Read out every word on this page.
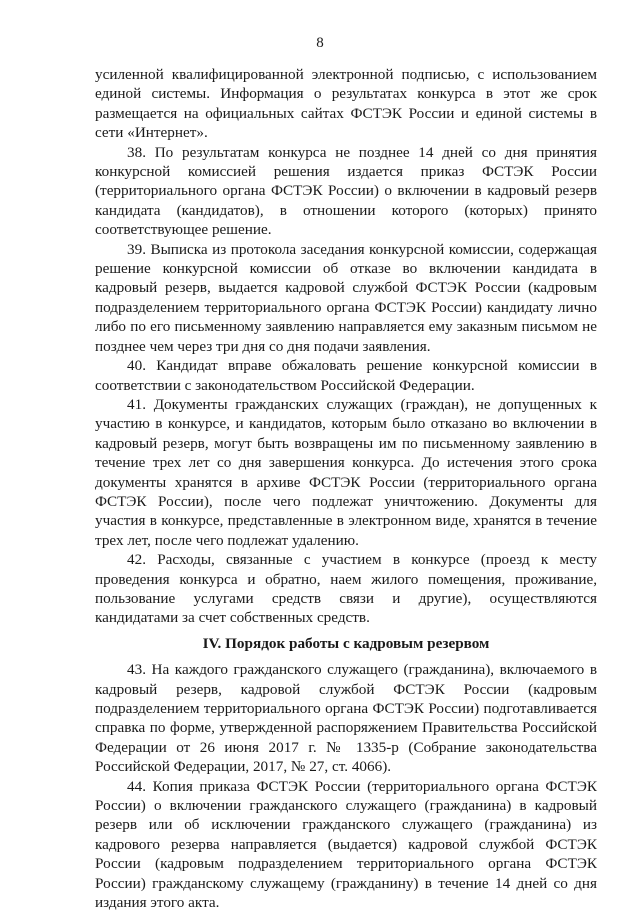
8

усиленной квалифицированной электронной подписью, с использованием единой системы. Информация о результатах конкурса в этот же срок размещается на официальных сайтах ФСТЭК России и единой системы в сети «Интернет».

38. По результатам конкурса не позднее 14 дней со дня принятия конкурсной комиссией решения издается приказ ФСТЭК России (территориального органа ФСТЭК России) о включении в кадровый резерв кандидата (кандидатов), в отношении которого (которых) принято соответствующее решение.

39. Выписка из протокола заседания конкурсной комиссии, содержащая решение конкурсной комиссии об отказе во включении кандидата в кадровый резерв, выдается кадровой службой ФСТЭК России (кадровым подразделением территориального органа ФСТЭК России) кандидату лично либо по его письменному заявлению направляется ему заказным письмом не позднее чем через три дня со дня подачи заявления.

40. Кандидат вправе обжаловать решение конкурсной комиссии в соответствии с законодательством Российской Федерации.

41. Документы гражданских служащих (граждан), не допущенных к участию в конкурсе, и кандидатов, которым было отказано во включении в кадровый резерв, могут быть возвращены им по письменному заявлению в течение трех лет со дня завершения конкурса. До истечения этого срока документы хранятся в архиве ФСТЭК России (территориального органа ФСТЭК России), после чего подлежат уничтожению. Документы для участия в конкурсе, представленные в электронном виде, хранятся в течение трех лет, после чего подлежат удалению.

42. Расходы, связанные с участием в конкурсе (проезд к месту проведения конкурса и обратно, наем жилого помещения, проживание, пользование услугами средств связи и другие), осуществляются кандидатами за счет собственных средств.

IV. Порядок работы с кадровым резервом

43. На каждого гражданского служащего (гражданина), включаемого в кадровый резерв, кадровой службой ФСТЭК России (кадровым подразделением территориального органа ФСТЭК России) подготавливается справка по форме, утвержденной распоряжением Правительства Российской Федерации от 26 июня 2017 г. № 1335-р (Собрание законодательства Российской Федерации, 2017, № 27, ст. 4066).

44. Копия приказа ФСТЭК России (территориального органа ФСТЭК России) о включении гражданского служащего (гражданина) в кадровый резерв или об исключении гражданского служащего (гражданина) из кадрового резерва направляется (выдается) кадровой службой ФСТЭК России (кадровым подразделением территориального органа ФСТЭК России) гражданскому служащему (гражданину) в течение 14 дней со дня издания этого акта.
